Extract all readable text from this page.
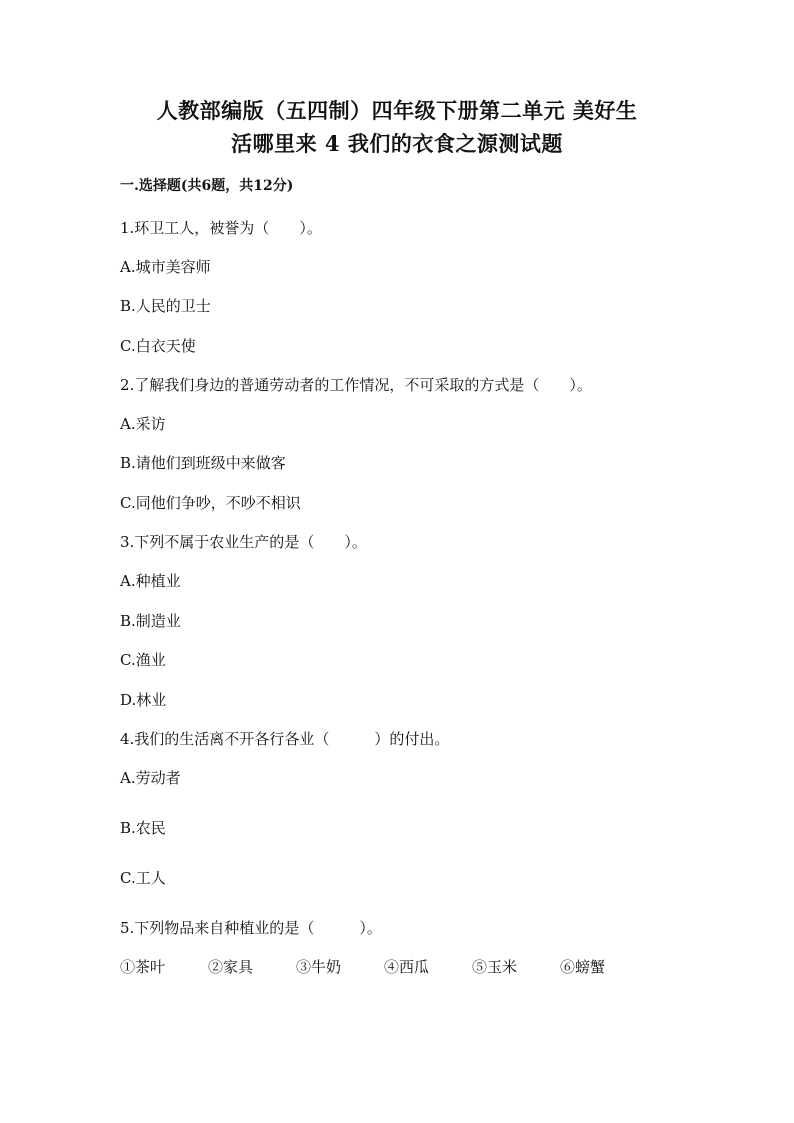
人教部编版（五四制）四年级下册第二单元 美好生
活哪里来 4 我们的衣食之源测试题
一.选择题(共6题，共12分)
1.环卫工人，被誉为（　　）。
A.城市美容师
B.人民的卫士
C.白衣天使
2.了解我们身边的普通劳动者的工作情况，不可采取的方式是（　　）。
A.采访
B.请他们到班级中来做客
C.同他们争吵，不吵不相识
3.下列不属于农业生产的是（　　）。
A.种植业
B.制造业
C.渔业
D.林业
4.我们的生活离不开各行各业（　　　）的付出。
A.劳动者
B.农民
C.工人
5.下列物品来自种植业的是（　　　）。
①茶叶	②家具	③牛奶	④西瓜	⑤玉米	⑥螃蟹
